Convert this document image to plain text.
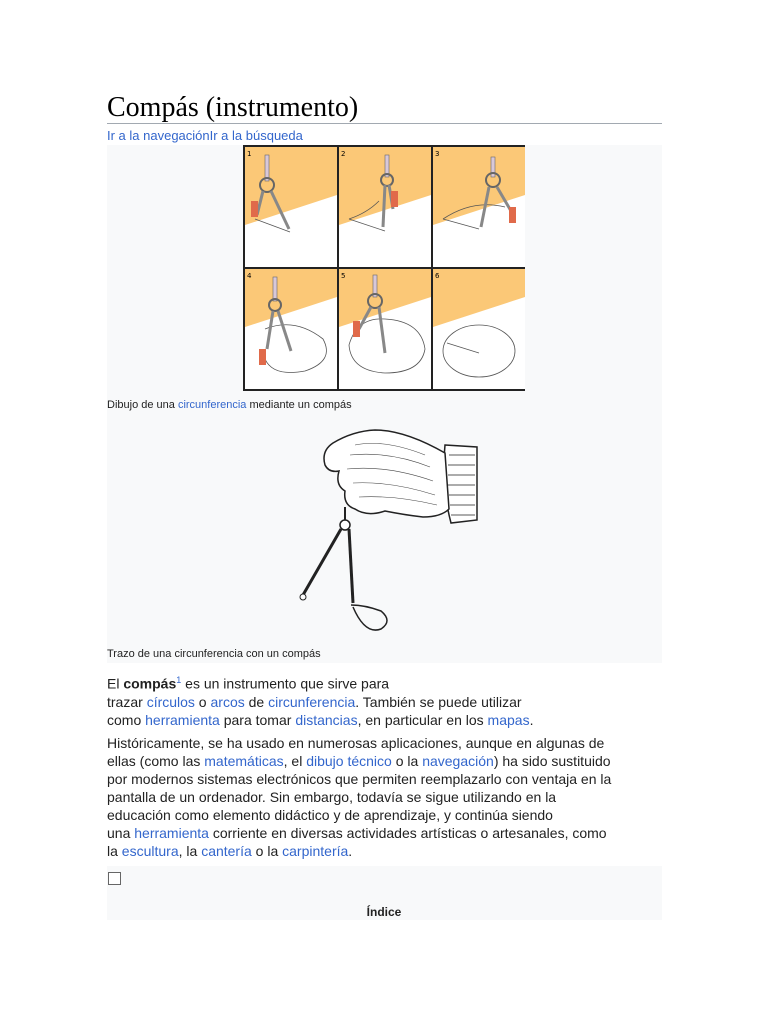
Compás (instrumento)
Ir a la navegaciónIr a la búsqueda
1	2	3
4	5	6
Dibujo de una circunferencia mediante un compás
Trazo de una circunferencia con un compás
El compás$^1$ es un instrumento que sirve para
trazar círculos o arcos de circunferencia. También se puede utilizar
como herramienta para tomar distancias, en particular en los mapas.
Históricamente, se ha usado en numerosas aplicaciones, aunque en algunas de
ellas (como las matemáticas, el dibujo técnico o la navegación) ha sido sustituido
por modernos sistemas electrónicos que permiten reemplazarlo con ventaja en la
pantalla de un ordenador. Sin embargo, todavía se sigue utilizando en la
educación como elemento didáctico y de aprendizaje, y continúa siendo
una herramienta corriente en diversas actividades artísticas o artesanales, como
la escultura, la cantería o la carpintería.
Índice
